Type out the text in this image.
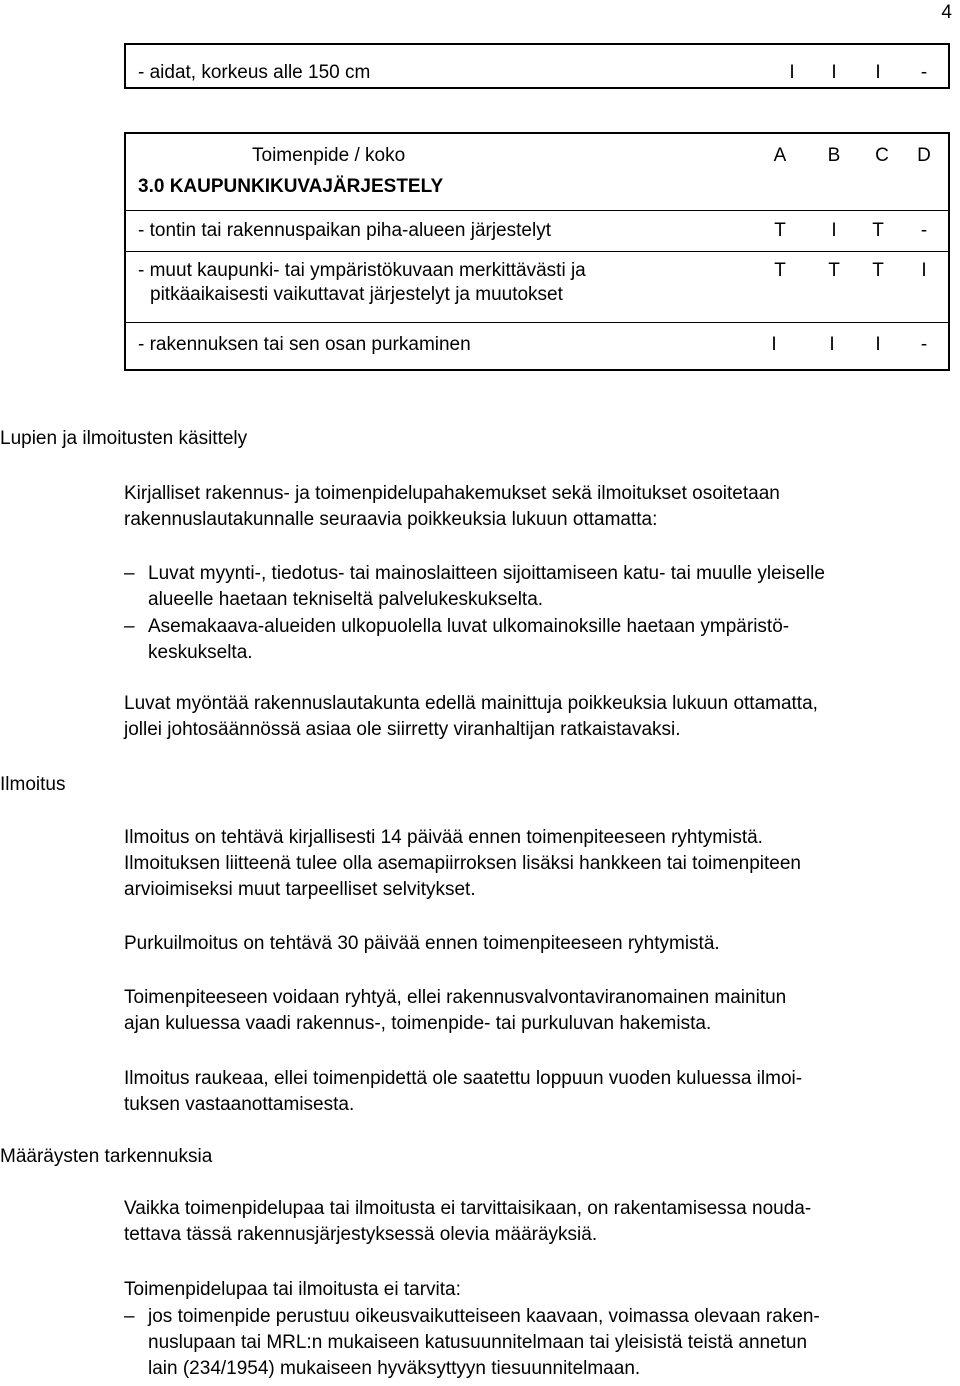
4
- aidat, korkeus alle 150 cm	I	I	I	-
Toimenpide / koko	A	B	C	D
3.0 KAUPUNKIKUVAJÄRJESTELY
- tontin tai rakennuspaikan piha-alueen järjestelyt	T	I	T	-
- muut kaupunki- tai ympäristökuvaan merkittävästi ja
pitkäaikaisesti vaikuttavat järjestelyt ja muutokset
T	T	T	I
- rakennuksen tai sen osan purkaminen	I	I	I	-
Lupien ja ilmoitusten käsittely
Kirjalliset rakennus- ja toimenpidelupahakemukset sekä ilmoitukset osoitetaan
rakennuslautakunnalle seuraavia poikkeuksia lukuun ottamatta:
– Luvat myynti-, tiedotus- tai mainoslaitteen sijoittamiseen katu- tai muulle yleiselle
alueelle haetaan tekniseltä palvelukeskukselta.
– Asemakaava-alueiden ulkopuolella luvat ulkomainoksille haetaan ympäristö-
keskukselta.
Luvat myöntää rakennuslautakunta edellä mainittuja poikkeuksia lukuun ottamatta,
jollei johtosäännössä asiaa ole siirretty viranhaltijan ratkaistavaksi.
Ilmoitus
Ilmoitus on tehtävä kirjallisesti 14 päivää ennen toimenpiteeseen ryhtymistä.
Ilmoituksen liitteenä tulee olla asemapiirroksen lisäksi hankkeen tai toimenpiteen
arvioimiseksi muut tarpeelliset selvitykset.
Purkuilmoitus on tehtävä 30 päivää ennen toimenpiteeseen ryhtymistä.
Toimenpiteeseen voidaan ryhtyä, ellei rakennusvalvontaviranomainen mainitun
ajan kuluessa vaadi rakennus-, toimenpide- tai purkuluvan hakemista.
Ilmoitus raukeaa, ellei toimenpidettä ole saatettu loppuun vuoden kuluessa ilmoi-
tuksen vastaanottamisesta.
Määräysten tarkennuksia
Vaikka toimenpidelupaa tai ilmoitusta ei tarvittaisikaan, on rakentamisessa nouda-
tettava tässä rakennusjärjestyksessä olevia määräyksiä.
Toimenpidelupaa tai ilmoitusta ei tarvita:
– jos toimenpide perustuu oikeusvaikutteiseen kaavaan, voimassa olevaan raken-
nuslupaan tai MRL:n mukaiseen katusuunnitelmaan tai yleisistä teistä annetun
lain (234/1954) mukaiseen hyväksyttyyn tiesuunnitelmaan.
